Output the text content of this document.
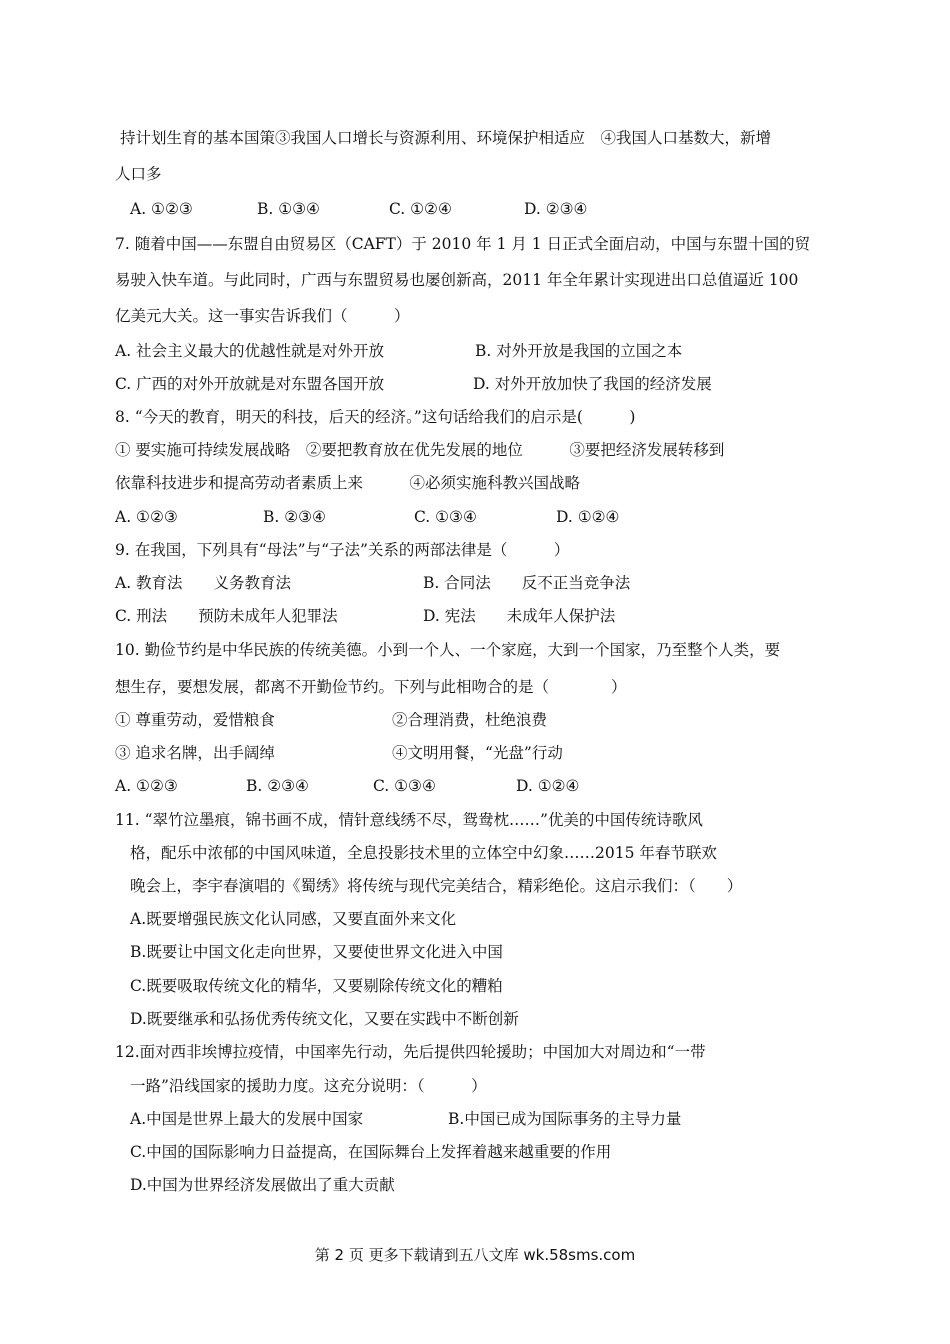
持计划生育的基本国策③我国人口增长与资源利用、环境保护相适应　④我国人口基数大，新增
人口多
A. ①②③	B. ①③④	C. ①②④	D. ②③④
7. 随着中国——东盟自由贸易区（CAFT）于 2010 年 1 月 1 日正式全面启动，中国与东盟十国的贸
易驶入快车道。与此同时，广西与东盟贸易也屡创新高，2011 年全年累计实现进出口总值逼近 100
亿美元大关。这一事实告诉我们（　　　）
A. 社会主义最大的优越性就是对外开放	B. 对外开放是我国的立国之本
C. 广西的对外开放就是对东盟各国开放	D. 对外开放加快了我国的经济发展
8. “今天的教育，明天的科技，后天的经济。”这句话给我们的启示是(　　　)
① 要实施可持续发展战略　②要把教育放在优先发展的地位　　　③要把经济发展转移到
依靠科技进步和提高劳动者素质上来　　　④必须实施科教兴国战略
A. ①②③	B. ②③④	C. ①③④	D. ①②④
9. 在我国，下列具有“母法”与“子法”关系的两部法律是（　　　）
A. 教育法　　义务教育法	B. 合同法　　反不正当竞争法
C. 刑法　　预防未成年人犯罪法	D. 宪法　　未成年人保护法
10. 勤俭节约是中华民族的传统美德。小到一个人、一个家庭，大到一个国家，乃至整个人类，要
想生存，要想发展，都离不开勤俭节约。下列与此相吻合的是（　　　　）
① 尊重劳动，爱惜粮食	②合理消费，杜绝浪费
③ 追求名牌，出手阔绰	④文明用餐，“光盘”行动
A. ①②③	B. ②③④	C. ①③④	D. ①②④
11. “翠竹泣墨痕，锦书画不成，情针意线绣不尽，鸳鸯枕……”优美的中国传统诗歌风
格，配乐中浓郁的中国风味道，全息投影技术里的立体空中幻象……2015 年春节联欢
晚会上，李宇春演唱的《蜀绣》将传统与现代完美结合，精彩绝伦。这启示我们：（　　）
A.既要增强民族文化认同感，又要直面外来文化
B.既要让中国文化走向世界，又要使世界文化进入中国
C.既要吸取传统文化的精华，又要剔除传统文化的糟粕
D.既要继承和弘扬优秀传统文化，又要在实践中不断创新
12.面对西非埃博拉疫情，中国率先行动，先后提供四轮援助；中国加大对周边和“一带
一路”沿线国家的援助力度。这充分说明：（　　　）
A.中国是世界上最大的发展中国家	B.中国已成为国际事务的主导力量
C.中国的国际影响力日益提高，在国际舞台上发挥着越来越重要的作用
D.中国为世界经济发展做出了重大贡献
第 2 页 更多下载请到五八文库 wk.58sms.com
